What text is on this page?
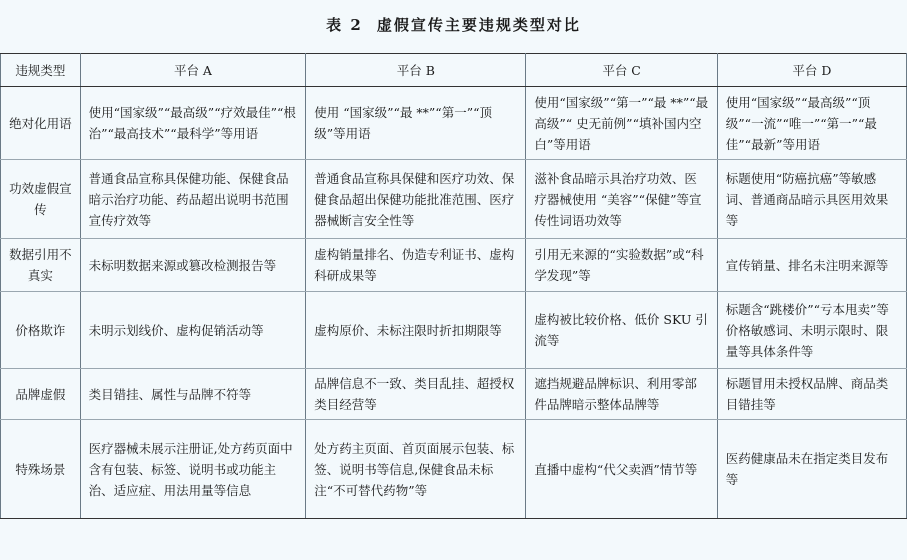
表 2 虚假宣传主要违规类型对比
违规类型	平台 A	平台 B	平台 C	平台 D
绝对化用语	使用“国家级”“最高级”“疗效最佳”“根治”“最高技术”“最科学”等用语	使用 “国家级”“最 **”“第一”“顶级”等用语	使用“国家级”“第一”“最 **”“最高级”“ 史无前例”“填补国内空白”等用语	使用“国家级”“最高级”“顶级”“一流”“唯一”“第一”“最佳”“最新”等用语
功效虚假宣传	普通食品宣称具保健功能、保健食品暗示治疗功能、药品超出说明书范围宣传疗效等	普通食品宣称具保健和医疗功效、保健食品超出保健功能批准范围、医疗器械断言安全性等	滋补食品暗示具治疗功效、医疗器械使用 “美容”“保健”等宣传性词语功效等	标题使用“防癌抗癌”等敏感词、普通商品暗示具医用效果等
数据引用不真实	未标明数据来源或篡改检测报告等	虚构销量排名、伪造专利证书、虚构科研成果等	引用无来源的“实验数据”或“科学发现”等	宣传销量、排名未注明来源等
价格欺诈	未明示划线价、虚构促销活动等	虚构原价、未标注限时折扣期限等	虚构被比较价格、低价 SKU 引流等	标题含“跳楼价”“亏本甩卖”等价格敏感词、未明示限时、限量等具体条件等
品牌虚假	类目错挂、属性与品牌不符等	品牌信息不一致、类目乱挂、超授权类目经营等	遮挡规避品牌标识、利用零部件品牌暗示整体品牌等	标题冒用未授权品牌、商品类目错挂等
特殊场景	医疗器械未展示注册证,处方药页面中含有包装、标签、说明书或功能主治、适应症、用法用量等信息	处方药主页面、首页面展示包装、标签、说明书等信息,保健食品未标注“不可替代药物”等	直播中虚构“代父卖酒”情节等	医药健康品未在指定类目发布等
